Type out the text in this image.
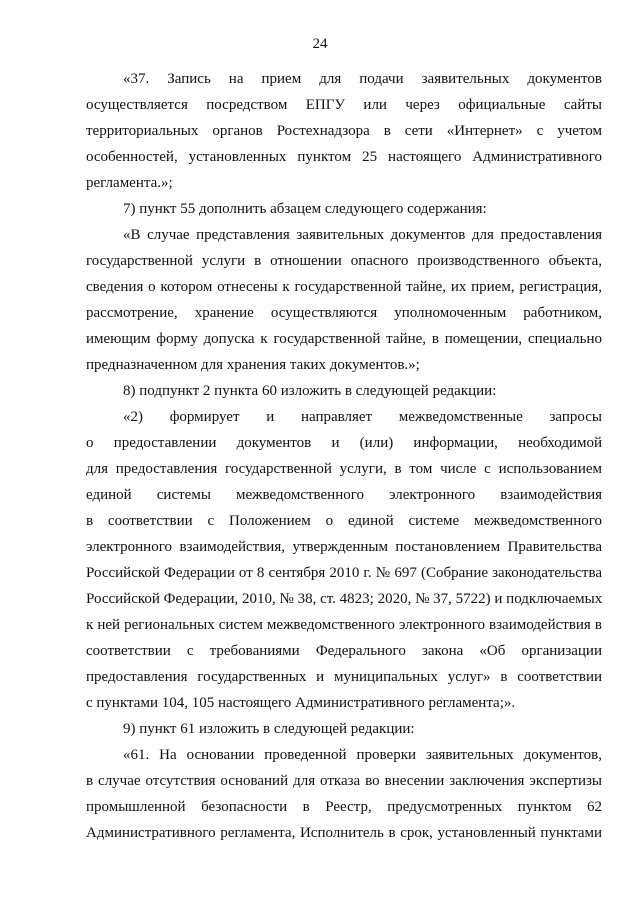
24
«37. Запись на прием для подачи заявительных документов
осуществляется посредством ЕПГУ или через официальные сайты
территориальных органов Ростехнадзора в сети «Интернет» с учетом
особенностей, установленных пунктом 25 настоящего Административного
регламента.»;
7) пункт 55 дополнить абзацем следующего содержания:
«В случае представления заявительных документов для предоставления
государственной услуги в отношении опасного производственного объекта,
сведения о котором отнесены к государственной тайне, их прием, регистрация,
рассмотрение, хранение осуществляются уполномоченным работником,
имеющим форму допуска к государственной тайне, в помещении, специально
предназначенном для хранения таких документов.»;
8) подпункт 2 пункта 60 изложить в следующей редакции:
«2) формирует и направляет межведомственные запросы
о предоставлении документов и (или) информации, необходимой
для предоставления государственной услуги, в том числе с использованием
единой системы межведомственного электронного взаимодействия
в соответствии с Положением о единой системе межведомственного
электронного взаимодействия, утвержденным постановлением Правительства
Российской Федерации от 8 сентября 2010 г. № 697 (Собрание законодательства
Российской Федерации, 2010, № 38, ст. 4823; 2020, № 37, 5722) и подключаемых
к ней региональных систем межведомственного электронного взаимодействия в
соответствии с требованиями Федерального закона «Об организации
предоставления государственных и муниципальных услуг» в соответствии
с пунктами 104, 105 настоящего Административного регламента;».
9) пункт 61 изложить в следующей редакции:
«61. На основании проведенной проверки заявительных документов,
в случае отсутствия оснований для отказа во внесении заключения экспертизы
промышленной безопасности в Реестр, предусмотренных пунктом 62
Административного регламента, Исполнитель в срок, установленный пунктами
